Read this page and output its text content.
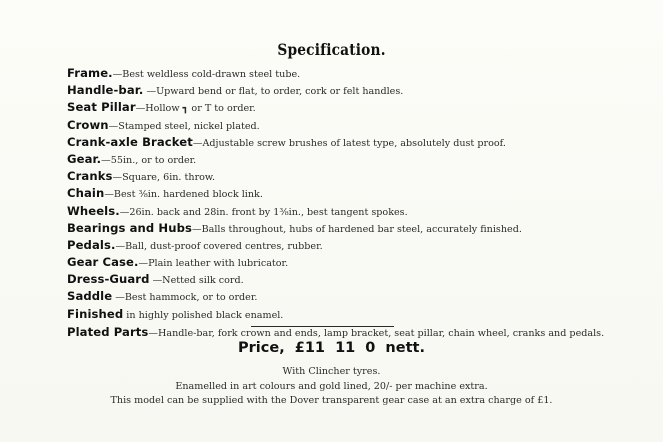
Specification.
Frame.—Best weldless cold-drawn steel tube.
Handle-bar. —Upward bend or flat, to order, cork or felt handles.
Seat Pillar—Hollow ┓ or T to order.
Crown—Stamped steel, nickel plated.
Crank-axle Bracket—Adjustable screw brushes of latest type, absolutely dust proof.
Gear.—55in., or to order.
Cranks—Square, 6in. throw.
Chain—Best ⅜in. hardened block link.
Wheels.—26in. back and 28in. front by 1⅜in., best tangent spokes.
Bearings and Hubs—Balls throughout, hubs of hardened bar steel, accurately finished.
Pedals.—Ball, dust-proof covered centres, rubber.
Gear Case.—Plain leather with lubricator.
Dress-Guard —Netted silk cord.
Saddle —Best hammock, or to order.
Finished in highly polished black enamel.
Plated Parts—Handle-bar, fork crown and ends, lamp bracket, seat pillar, chain wheel, cranks and pedals.
Price, £11 11 0 nett.
With Clincher tyres.
Enamelled in art colours and gold lined, 20/- per machine extra.
This model can be supplied with the Dover transparent gear case at an extra charge of £1.
